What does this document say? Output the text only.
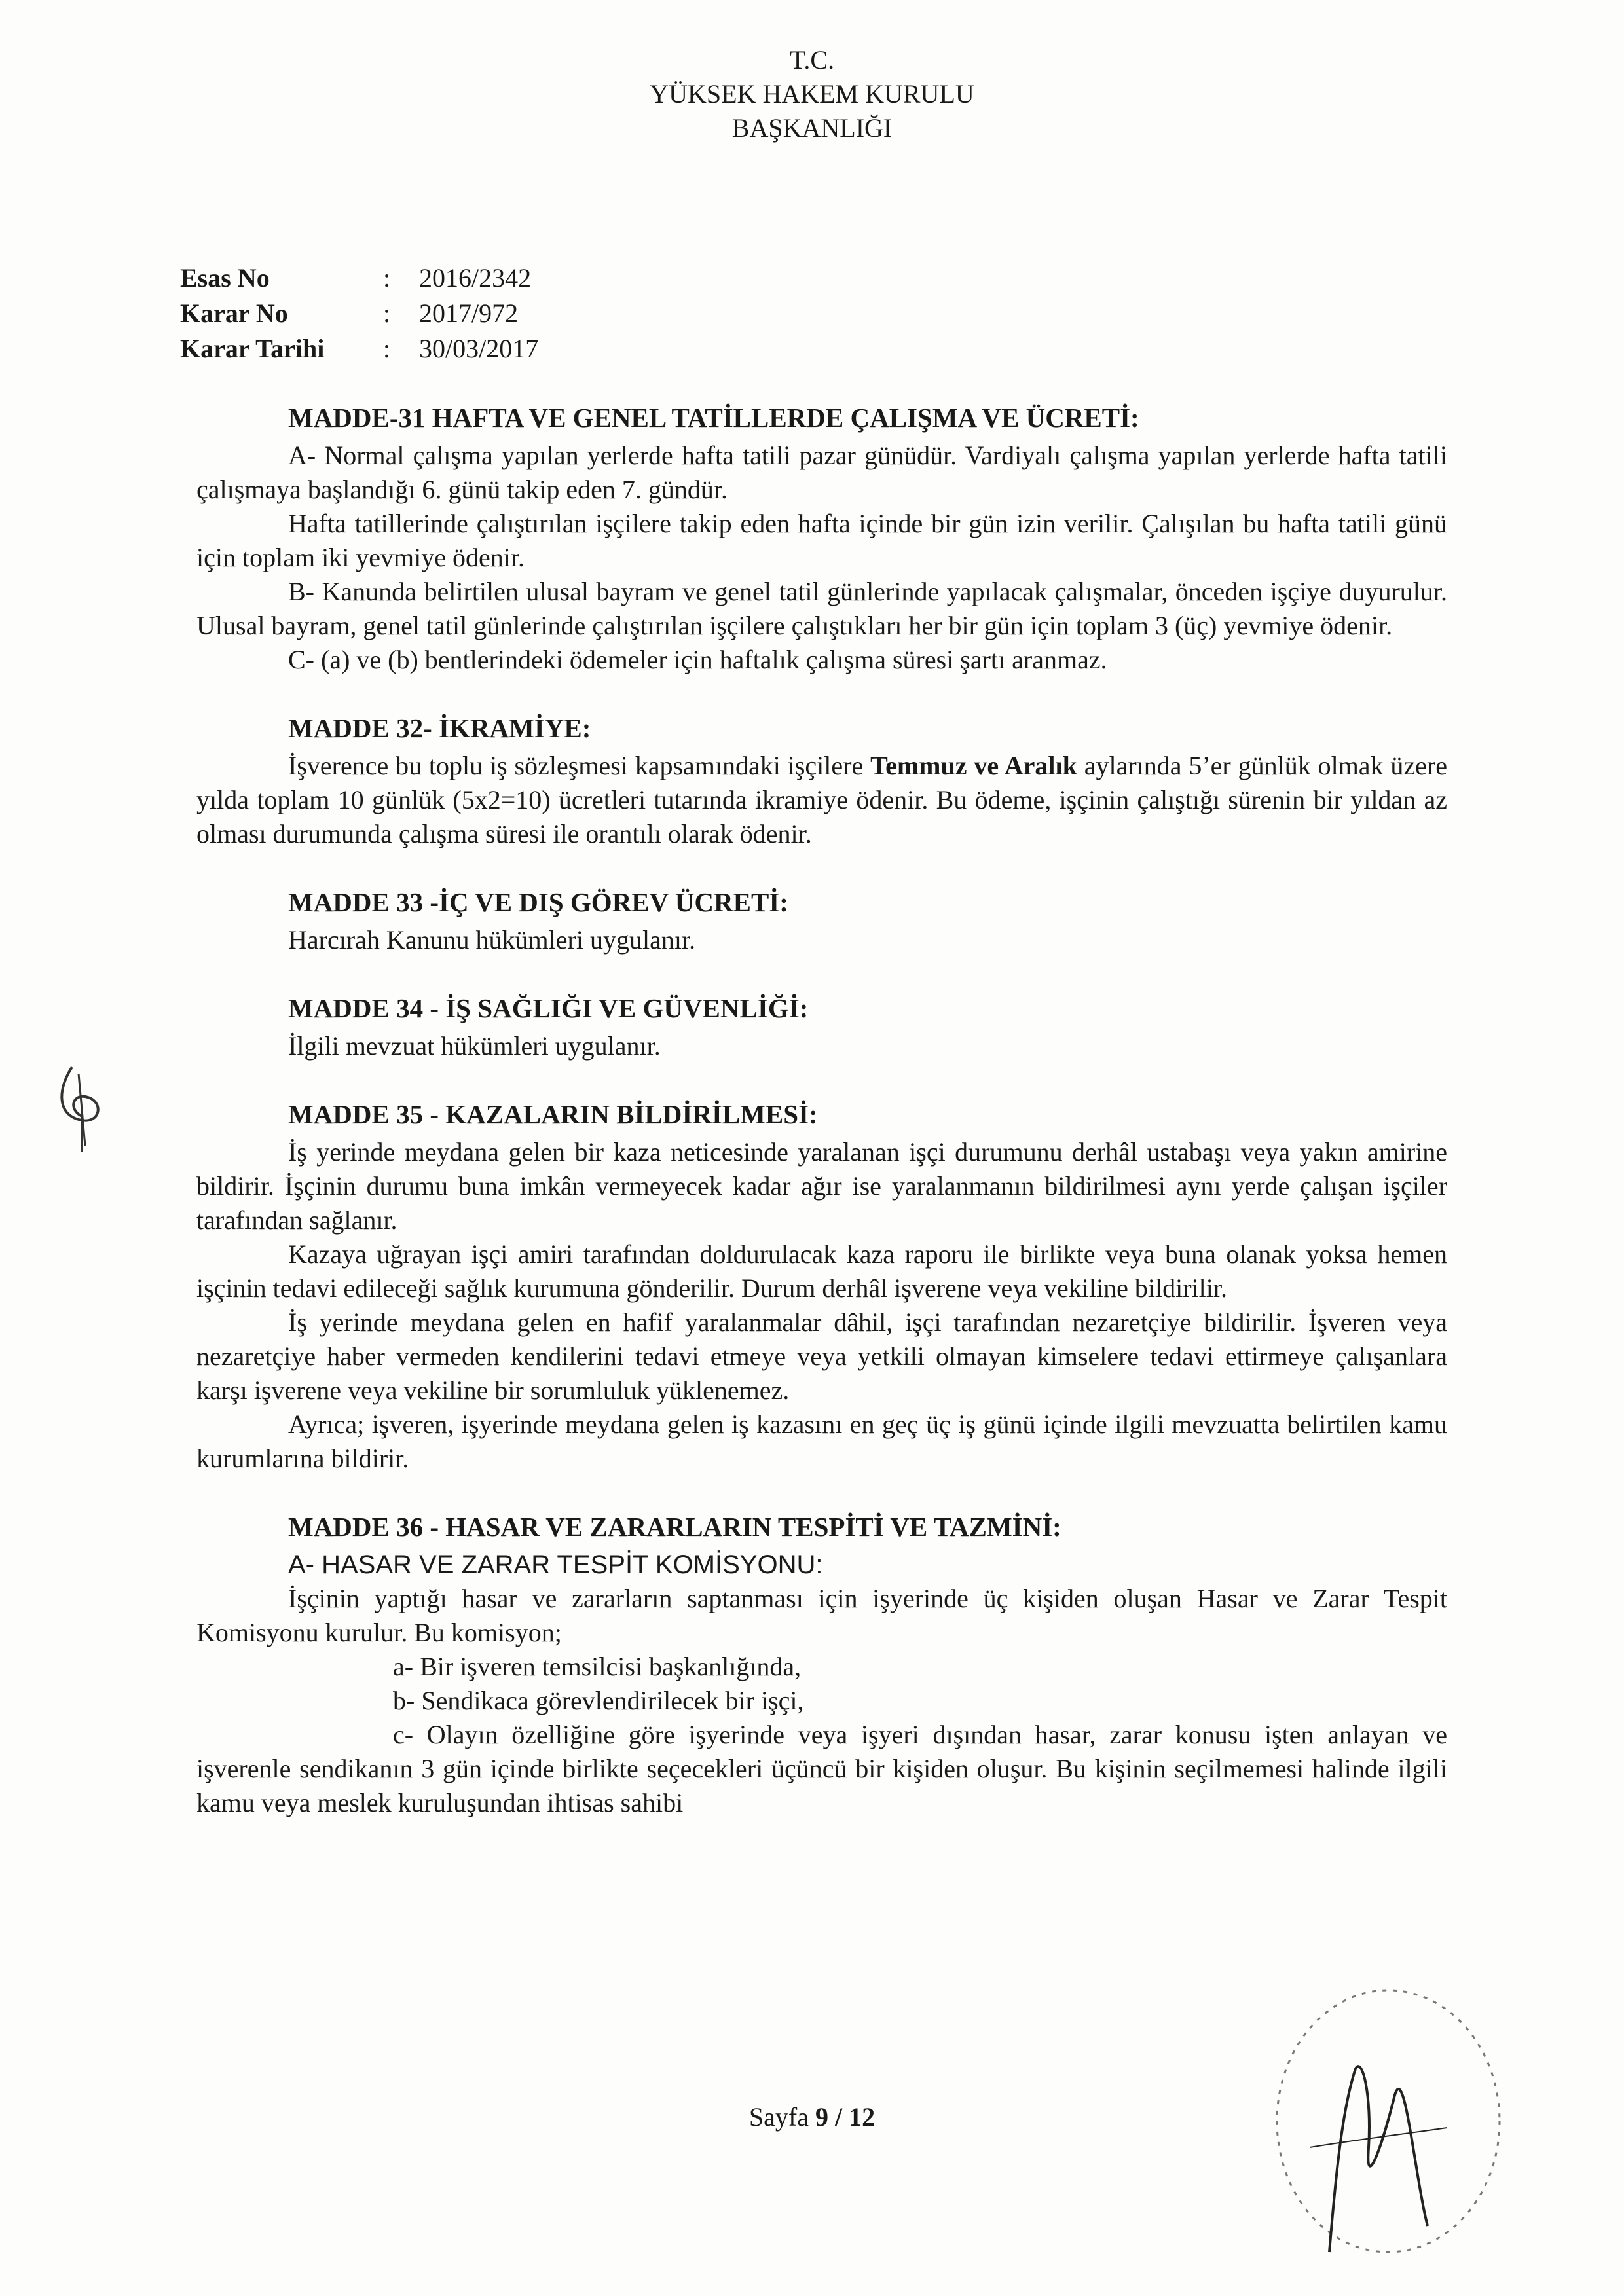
T.C.
YÜKSEK HAKEM KURULU
BAŞKANLIĞI
Esas No	:	2016/2342
Karar No	:	2017/972
Karar Tarihi	:	30/03/2017
MADDE-31 HAFTA VE GENEL TATİLLERDE ÇALIŞMA VE ÜCRETİ:

A- Normal çalışma yapılan yerlerde hafta tatili pazar günüdür. Vardiyalı çalışma yapılan yerlerde hafta tatili çalışmaya başlandığı 6. günü takip eden 7. gündür.

Hafta tatillerinde çalıştırılan işçilere takip eden hafta içinde bir gün izin verilir. Çalışılan bu hafta tatili günü için toplam iki yevmiye ödenir.

B- Kanunda belirtilen ulusal bayram ve genel tatil günlerinde yapılacak çalışmalar, önceden işçiye duyurulur. Ulusal bayram, genel tatil günlerinde çalıştırılan işçilere çalıştıkları her bir gün için toplam 3 (üç) yevmiye ödenir.

C- (a) ve (b) bentlerindeki ödemeler için haftalık çalışma süresi şartı aranmaz.

MADDE 32- İKRAMİYE:

İşverence bu toplu iş sözleşmesi kapsamındaki işçilere Temmuz ve Aralık aylarında 5’er günlük olmak üzere yılda toplam 10 günlük (5x2=10) ücretleri tutarında ikramiye ödenir. Bu ödeme, işçinin çalıştığı sürenin bir yıldan az olması durumunda çalışma süresi ile orantılı olarak ödenir.

MADDE 33 -İÇ VE DIŞ GÖREV ÜCRETİ:

Harcırah Kanunu hükümleri uygulanır.

MADDE 34 - İŞ SAĞLIĞI VE GÜVENLİĞİ:

İlgili mevzuat hükümleri uygulanır.

MADDE 35 - KAZALARIN BİLDİRİLMESİ:

İş yerinde meydana gelen bir kaza neticesinde yaralanan işçi durumunu derhâl ustabaşı veya yakın amirine bildirir. İşçinin durumu buna imkân vermeyecek kadar ağır ise yaralanmanın bildirilmesi aynı yerde çalışan işçiler tarafından sağlanır.

Kazaya uğrayan işçi amiri tarafından doldurulacak kaza raporu ile birlikte veya buna olanak yoksa hemen işçinin tedavi edileceği sağlık kurumuna gönderilir. Durum derhâl işverene veya vekiline bildirilir.

İş yerinde meydana gelen en hafif yaralanmalar dâhil, işçi tarafından nezaretçiye bildirilir. İşveren veya nezaretçiye haber vermeden kendilerini tedavi etmeye veya yetkili olmayan kimselere tedavi ettirmeye çalışanlara karşı işverene veya vekiline bir sorumluluk yüklenemez.

Ayrıca; işveren, işyerinde meydana gelen iş kazasını en geç üç iş günü içinde ilgili mevzuatta belirtilen kamu kurumlarına bildirir.

MADDE 36 - HASAR VE ZARARLARIN TESPİTİ VE TAZMİNİ:

A- HASAR VE ZARAR TESPİT KOMİSYONU:

İşçinin yaptığı hasar ve zararların saptanması için işyerinde üç kişiden oluşan Hasar ve Zarar Tespit Komisyonu kurulur. Bu komisyon;

a- Bir işveren temsilcisi başkanlığında,

b- Sendikaca görevlendirilecek bir işçi,

c- Olayın özelliğine göre işyerinde veya işyeri dışından hasar, zarar konusu işten anlayan ve işverenle sendikanın 3 gün içinde birlikte seçecekleri üçüncü bir kişiden oluşur. Bu kişinin seçilmemesi halinde ilgili kamu veya meslek kuruluşundan ihtisas sahibi

Sayfa 9 / 12
